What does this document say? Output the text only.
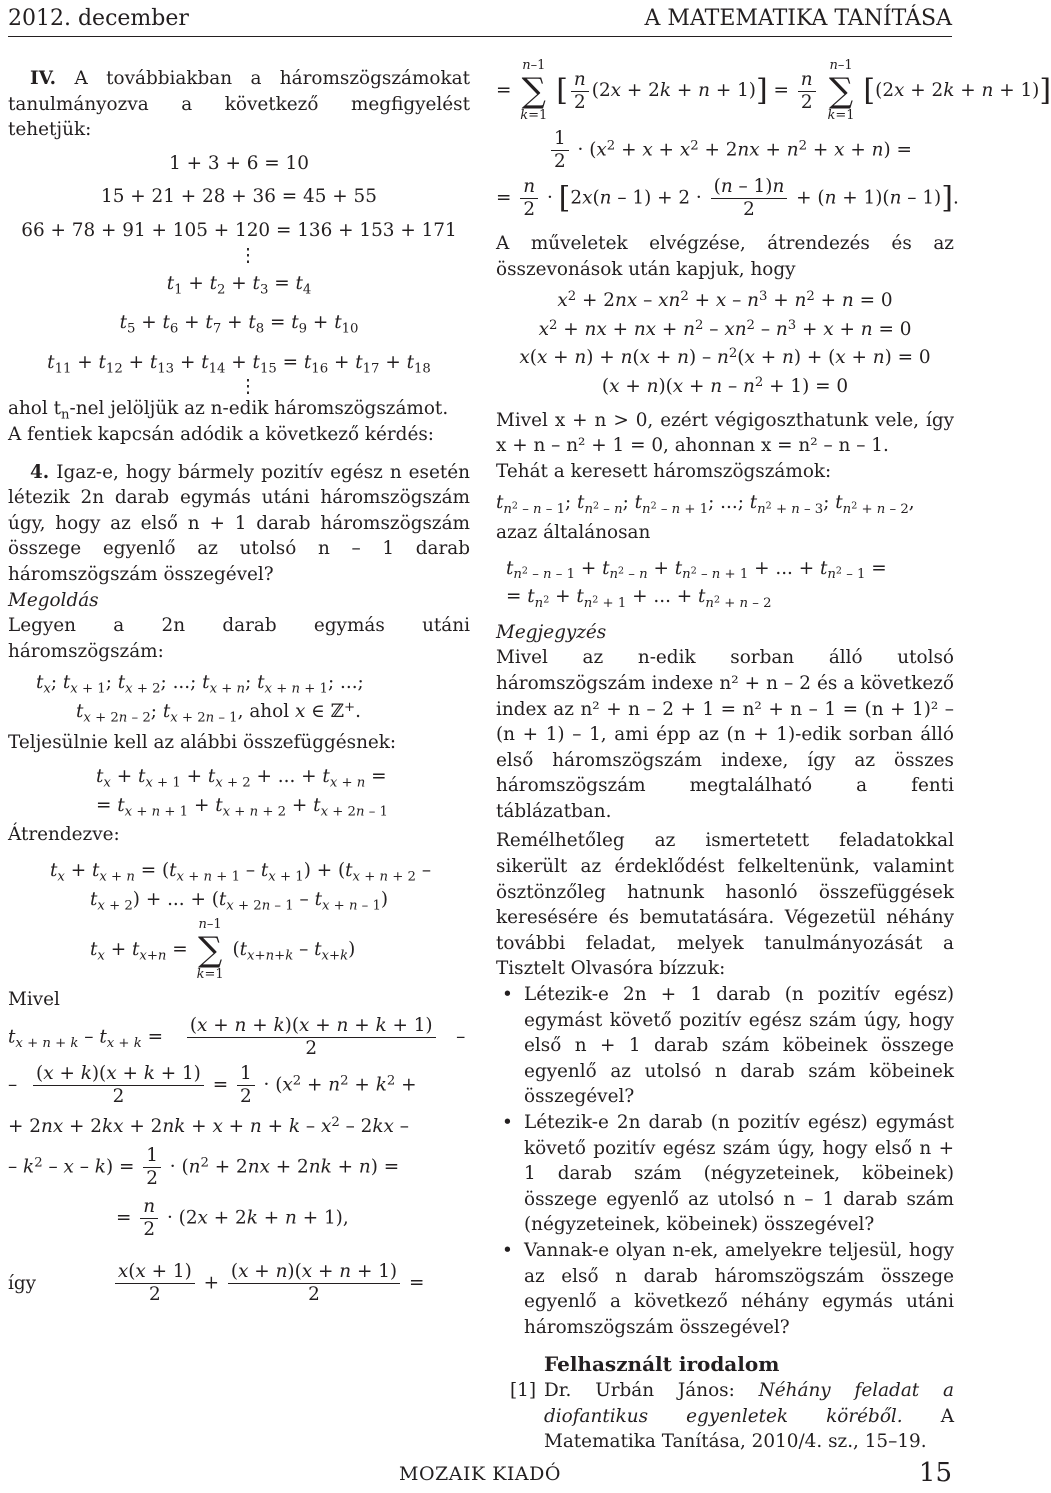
2012. december	A MATEMATIKA TANÍTÁSA

IV. A továbbiakban a háromszögszámokat tanulmányozva a következő megfigyelést tehetjük:

1 + 3 + 6 = 10
15 + 21 + 28 + 36 = 45 + 55
66 + 78 + 91 + 105 + 120 = 136 + 153 + 171
⋮
$t_1 + t_2 + t_3 = t_4$
$t_5 + t_6 + t_7 + t_8 = t_9 + t_{10}$
$t_{11} + t_{12} + t_{13} + t_{14} + t_{15} = t_{16} + t_{17} + t_{18}$
⋮

ahol $t_n$-nel jelöljük az n-edik háromszögszámot.

A fentiek kapcsán adódik a következő kérdés:

4. Igaz-e, hogy bármely pozitív egész n esetén létezik 2n darab egymás utáni háromszögszám úgy, hogy az első n + 1 darab háromszögszám összege egyenlő az utolsó n – 1 darab háromszögszám összegével?

Megoldás

Legyen a 2n darab egymás utáni háromszögszám:

$t_x$; $t_{x + 1}$; $t_{x + 2}$; ...; $t_{x + n}$; $t_{x + n + 1}$; ...;
$t_{x + 2n - 2}$; $t_{x + 2n - 1}$, ahol x ∈ ℤ+.

Teljesülnie kell az alábbi összefüggésnek:

$t_x + t_{x + 1} + t_{x + 2}$ + ... + $t_{x + n}$ =
= $t_{x + n + 1} + t_{x + n + 2} + t_{x + 2n - 1}$

Átrendezve:

$t_x + t_{x + n} = (t_{x + n + 1} - t_{x + 1}) + (t_{x + n + 2}$ –
$t_{x + 2}$) + ... + $(t_{x + 2n - 1} - t_{x + n - 1})$
$t_x + t_{x+n}$ =
n–1
∑
k=1
$(t_{x+n+k} - t_{x+k})$

Mivel

$t_{x + n + k} - t_{x + k} = \frac{(x + n + k)(x + n + k + 1)}{2}$ –
– $\frac{(x + k)(x + k + 1)}{2} = \frac{1}{2} \cdot (x^2 + n^2 + k^2$ +
+ $2nx + 2kx + 2nk + x + n + k - x^2 - 2kx$ –
– $k^2 - x - k) = \frac{1}{2} \cdot (n^2 + 2nx + 2nk + n)$ =
= $\frac{n}{2} \cdot (2x + 2k + n + 1)$,
így	$\frac{x(x + 1)}{2} + \frac{(x + n)(x + n + 1)}{2}$ =
=
n–1
∑
k=1
[ $\frac{n}{2} (2x + 2k + n + 1)] = \frac{n}{2}$

n–1
∑
k=1
[(2x + 2k + n + 1)]
$\frac{1}{2} \cdot (x^2 + x + x^2 + 2nx + n^2 + x + n)$ =
= $\frac{n}{2} \cdot [2x(n - 1) + 2 \cdot \frac{(n - 1)n}{2} + (n + 1)(n - 1)]$.

A műveletek elvégzése, átrendezés és az összevonások után kapjuk, hogy

$x^2 + 2nx - xn^2 + x - n^3 + n^2 + n = 0$
$x^2$ + nx + nx + $n^2 - xn^2 - n^3 + x + n = 0$
$x(x + n) + n(x + n) - n^2(x + n) + (x + n) = 0$
$(x + n)(x + n - n^2 + 1) = 0$

Mivel x + n > 0, ezért végigoszthatunk vele, így x + n – n² + 1 = 0, ahonnan x = n² – n – 1.

Tehát a keresett háromszögszámok:

$t_{n^2 - n - 1}$; $t_{n^2 - n}$; $t_{n^2 - n + 1}$; ...; $t_{n^2 + n - 3}$; $t_{n^2 + n - 2}$,

azaz általánosan

$t_{n^2 - n - 1} + t_{n^2 - n} + t_{n^2 - n + 1}$ + ... + $t_{n^2 - 1}$ =
= $t_{n^2} + t_{n^2 + 1}$ + ... + $t_{n^2 + n - 2}$

Megjegyzés

Mivel az n-edik sorban álló utolsó háromszögszám indexe n² + n – 2 és a következő index az n² + n – 2 + 1 = n² + n – 1 = (n + 1)² – (n + 1) – 1, ami épp az (n + 1)-edik sorban álló első háromszögszám indexe, így az összes háromszögszám megtalálható a fenti táblázatban.

Remélhetőleg az ismertetett feladatokkal sikerült az érdeklődést felkeltenünk, valamint ösztönzőleg hatnunk hasonló összefüggések keresésére és bemutatására. Végezetül néhány további feladat, melyek tanulmányozását a Tisztelt Olvasóra bízzuk:

• Létezik-e 2n + 1 darab (n pozitív egész) egymást követő pozitív egész szám úgy, hogy első n + 1 darab szám köbeinek összege egyenlő az utolsó n darab szám köbeinek összegével?
• Létezik-e 2n darab (n pozitív egész) egymást követő pozitív egész szám úgy, hogy első n + 1 darab szám (négyzeteinek, köbeinek) összege egyenlő az utolsó n – 1 darab szám (négyzeteinek, köbeinek) összegével?
• Vannak-e olyan n-ek, amelyekre teljesül, hogy az első n darab háromszögszám összege egyenlő a következő néhány egymás utáni háromszögszám összegével?

Felhasznált irodalom

[1] Dr. Urbán János: Néhány feladat a diofantikus egyenletek köréből. A Matematika Tanítása, 2010/4. sz., 15–19.
MOZAIK KIADÓ	15
